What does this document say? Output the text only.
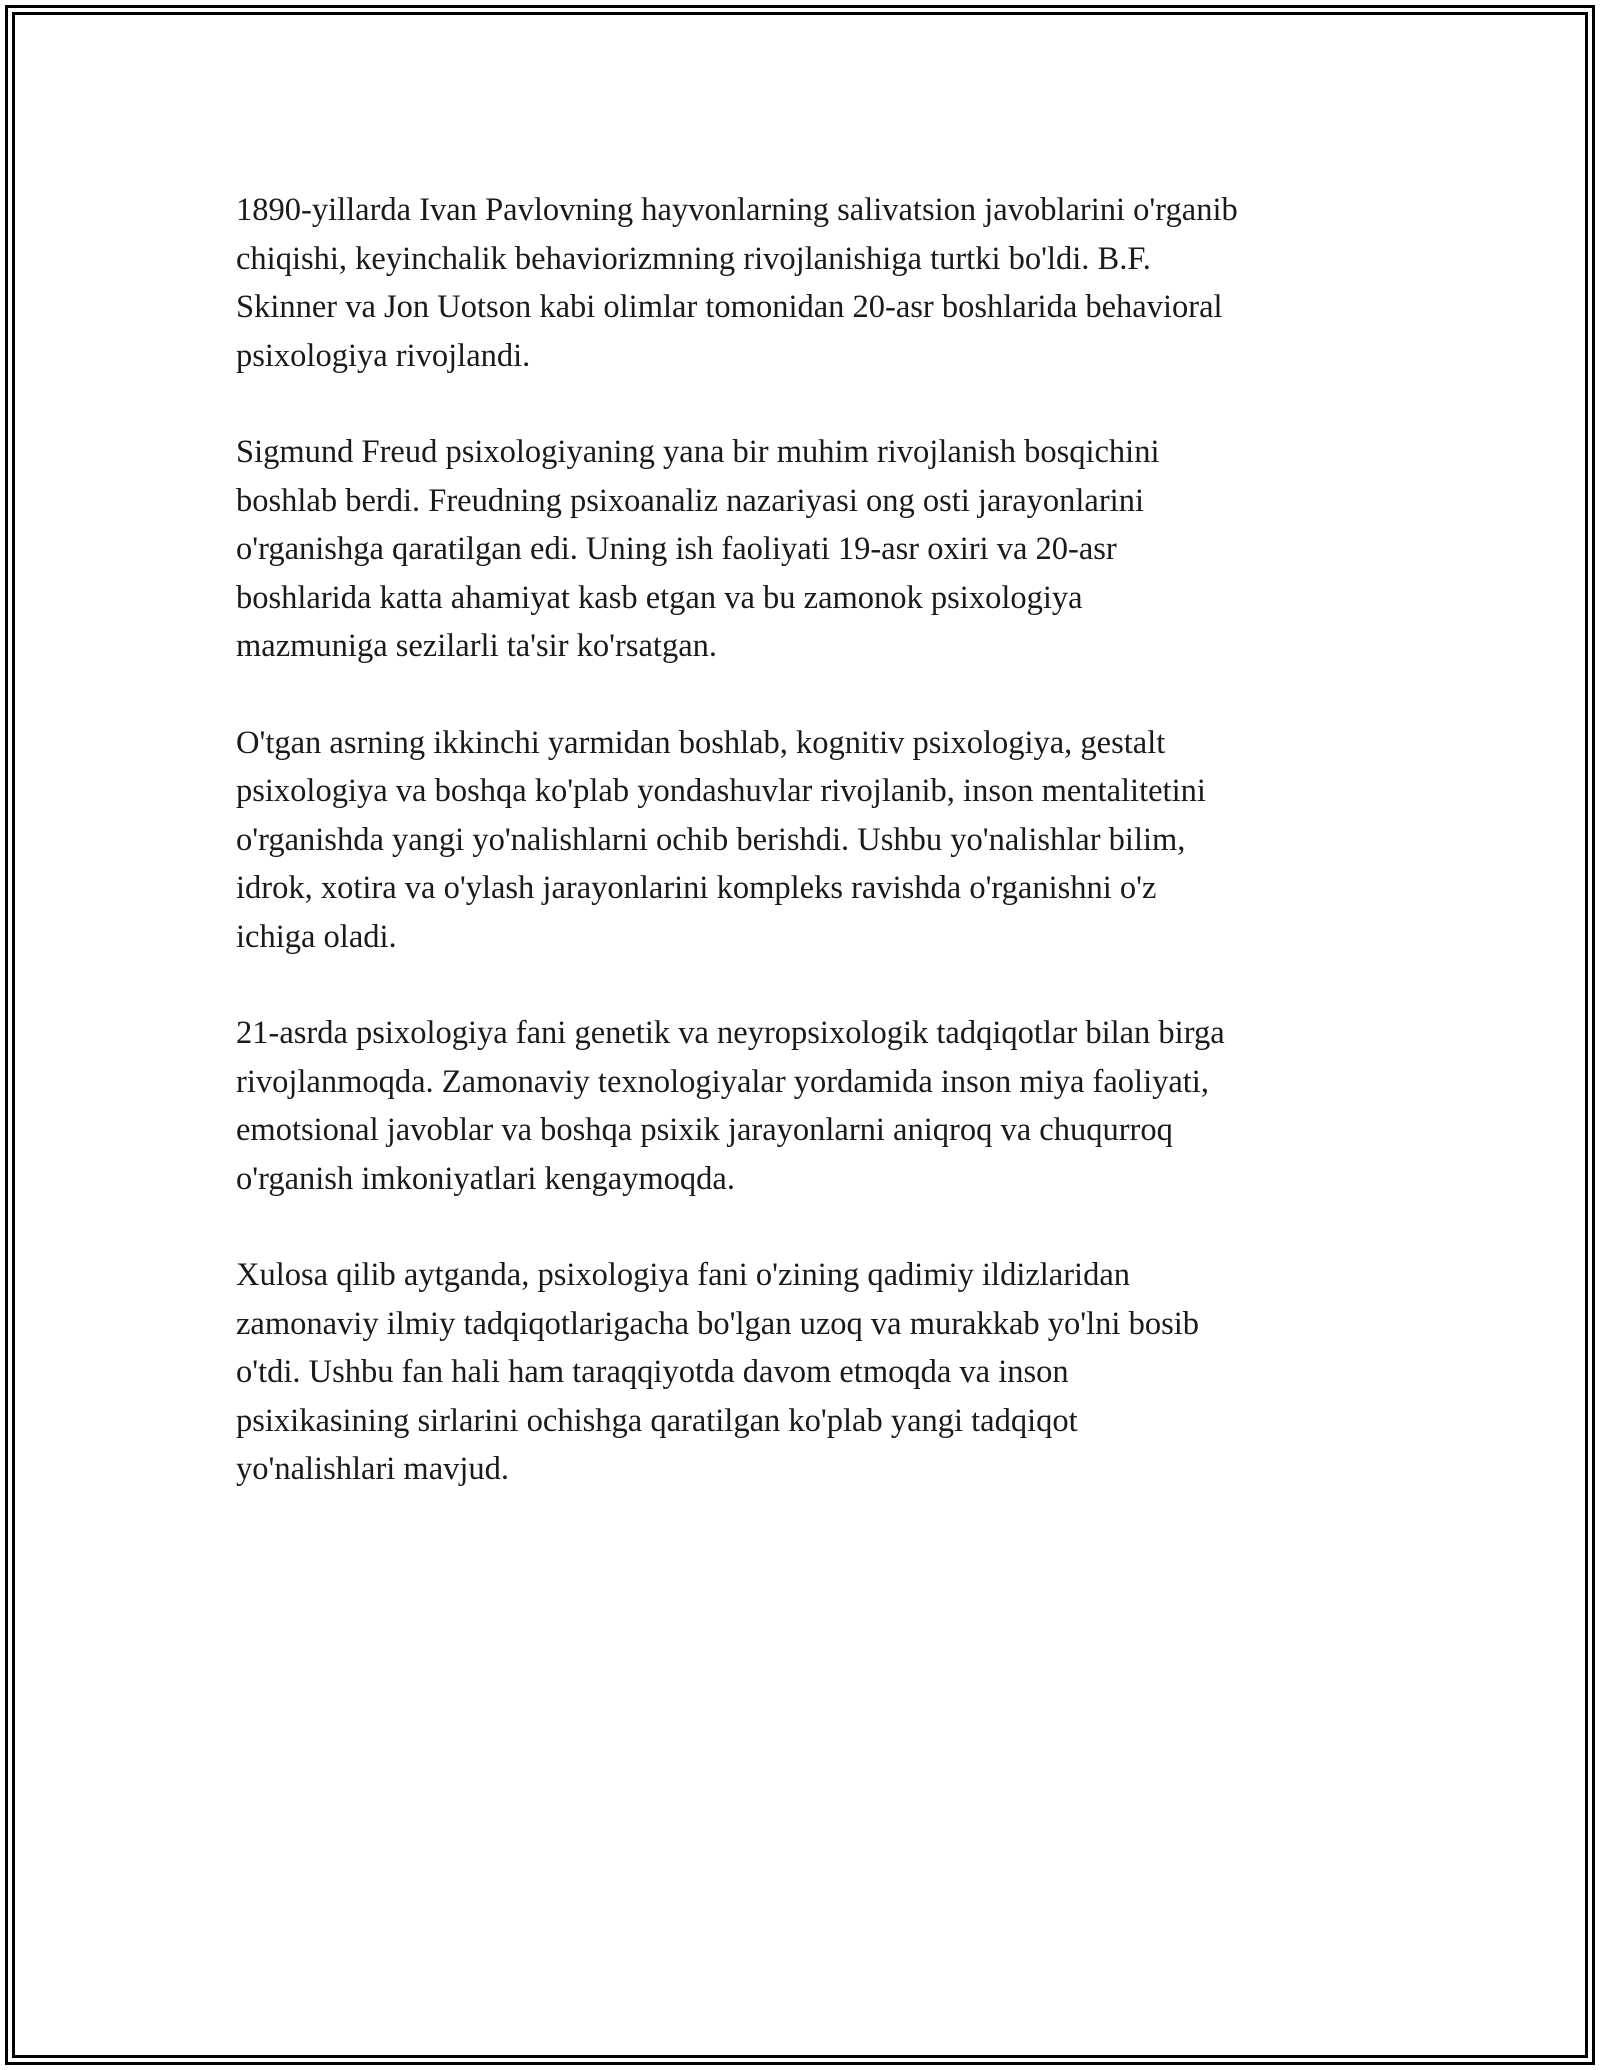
1890-yillarda Ivan Pavlovning hayvonlarning salivatsion javoblarini o'rganib
chiqishi, keyinchalik behaviorizmning rivojlanishiga turtki bo'ldi. B.F.
Skinner va Jon Uotson kabi olimlar tomonidan 20-asr boshlarida behavioral
psixologiya rivojlandi.

Sigmund Freud psixologiyaning yana bir muhim rivojlanish bosqichini
boshlab berdi. Freudning psixoanaliz nazariyasi ong osti jarayonlarini
o'rganishga qaratilgan edi. Uning ish faoliyati 19-asr oxiri va 20-asr
boshlarida katta ahamiyat kasb etgan va bu zamonok psixologiya
mazmuniga sezilarli ta'sir ko'rsatgan.

O'tgan asrning ikkinchi yarmidan boshlab, kognitiv psixologiya, gestalt
psixologiya va boshqa ko'plab yondashuvlar rivojlanib, inson mentalitetini
o'rganishda yangi yo'nalishlarni ochib berishdi. Ushbu yo'nalishlar bilim,
idrok, xotira va o'ylash jarayonlarini kompleks ravishda o'rganishni o'z
ichiga oladi.

21-asrda psixologiya fani genetik va neyropsixologik tadqiqotlar bilan birga
rivojlanmoqda. Zamonaviy texnologiyalar yordamida inson miya faoliyati,
emotsional javoblar va boshqa psixik jarayonlarni aniqroq va chuqurroq
o'rganish imkoniyatlari kengaymoqda.

Xulosa qilib aytganda, psixologiya fani o'zining qadimiy ildizlaridan
zamonaviy ilmiy tadqiqotlarigacha bo'lgan uzoq va murakkab yo'lni bosib
o'tdi. Ushbu fan hali ham taraqqiyotda davom etmoqda va inson
psixikasining sirlarini ochishga qaratilgan ko'plab yangi tadqiqot
yo'nalishlari mavjud.
